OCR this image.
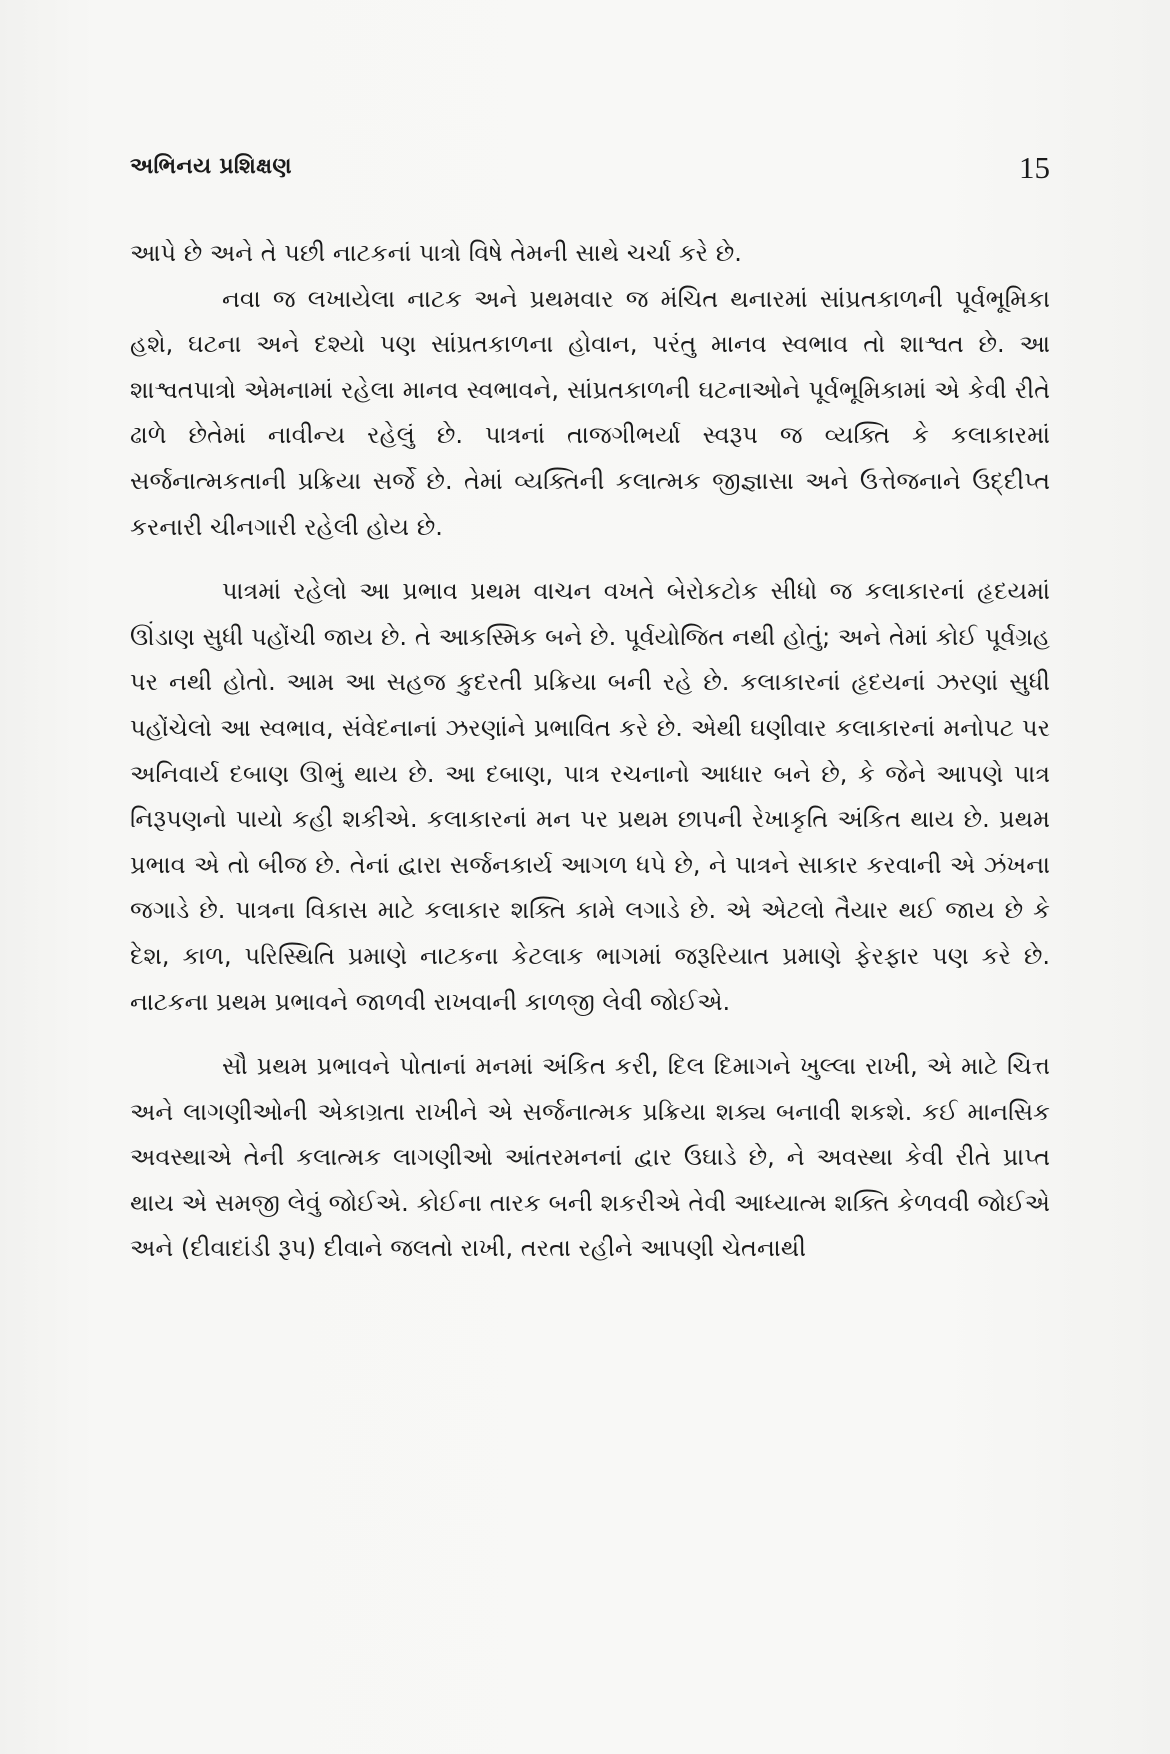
અભિનય પ્રશિક્ષણ	15

આપે છે અને તે પછી નાટકનાં પાત્રો વિષે તેમની સાથે ચર્ચા કરે છે.

નવા જ લખાયેલા નાટક અને પ્રથમવાર જ મંચિત થનારમાં સાંપ્રતકાળની પૂર્વભૂમિકા હશે, ઘટના અને દશ્યો પણ સાંપ્રતકાળના હોવાન, પરંતુ માનવ સ્વભાવ તો શાશ્વત છે. આ શાશ્વતપાત્રો એમનામાં રહેલા માનવ સ્વભાવને, સાંપ્રતકાળની ઘટનાઓને પૂર્વભૂમિકામાં એ કેવી રીતે ઢાળે છેતેમાં નાવીન્ય રહેલું છે. પાત્રનાં તાજગીભર્યા સ્વરૂપ જ વ્યક્તિ કે કલાકારમાં સર્જનાત્મકતાની પ્રક્રિયા સર્જે છે. તેમાં વ્યક્તિની કલાત્મક જીજ્ઞાસા અને ઉત્તેજનાને ઉદ્દીપ્ત કરનારી ચીનગારી રહેલી હોય છે.

પાત્રમાં રહેલો આ પ્રભાવ પ્રથમ વાચન વખતે બેરોકટોક સીધો જ કલાકારનાં હૃદયમાં ઊંડાણ સુધી પહોંચી જાય છે. તે આકસ્મિક બને છે. પૂર્વયોજિત નથી હોતું; અને તેમાં કોઈ પૂર્વગ્રહ પર નથી હોતો. આમ આ સહજ કુદરતી પ્રક્રિયા બની રહે છે. કલાકારનાં હૃદયનાં ઝરણાં સુધી પહોંચેલો આ સ્વભાવ, સંવેદનાનાં ઝરણાંને પ્રભાવિત કરે છે. એથી ઘણીવાર કલાકારનાં મનોપટ પર અનિવાર્ય દબાણ ઊભું થાય છે. આ દબાણ, પાત્ર રચનાનો આધાર બને છે, કે જેને આપણે પાત્ર નિરૂપણનો પાયો કહી શકીએ. કલાકારનાં મન પર પ્રથમ છાપની રેખાકૃતિ અંકિત થાય છે. પ્રથમ પ્રભાવ એ તો બીજ છે. તેનાં દ્વારા સર્જનકાર્ય આગળ ધપે છે, ને પાત્રને સાકાર કરવાની એ ઝંખના જગાડે છે. પાત્રના વિકાસ માટે કલાકાર શક્તિ કામે લગાડે છે. એ એટલો તૈયાર થઈ જાય છે કે દેશ, કાળ, પરિસ્થિતિ પ્રમાણે નાટકના કેટલાક ભાગમાં જરૂરિયાત પ્રમાણે ફેરફાર પણ કરે છે. નાટકના પ્રથમ પ્રભાવને જાળવી રાખવાની કાળજી લેવી જોઈએ.

સૌ પ્રથમ પ્રભાવને પોતાનાં મનમાં અંકિત કરી, દિલ દિમાગને ખુલ્લા રાખી, એ માટે ચિત્ત અને લાગણીઓની એકાગ્રતા રાખીને એ સર્જનાત્મક પ્રક્રિયા શક્ય બનાવી શકશે. કઈ માનસિક અવસ્થાએ તેની કલાત્મક લાગણીઓ આંતરમનનાં દ્વાર ઉઘાડે છે, ને અવસ્થા કેવી રીતે પ્રાપ્ત થાય એ સમજી લેવું જોઈએ. કોઈના તારક બની શકરીએ તેવી આધ્યાત્મ શક્તિ કેળવવી જોઈએ અને (દીવાદાંડી રૂપ) દીવાને જલતો રાખી, તરતા રહીને આપણી ચેતનાથી
